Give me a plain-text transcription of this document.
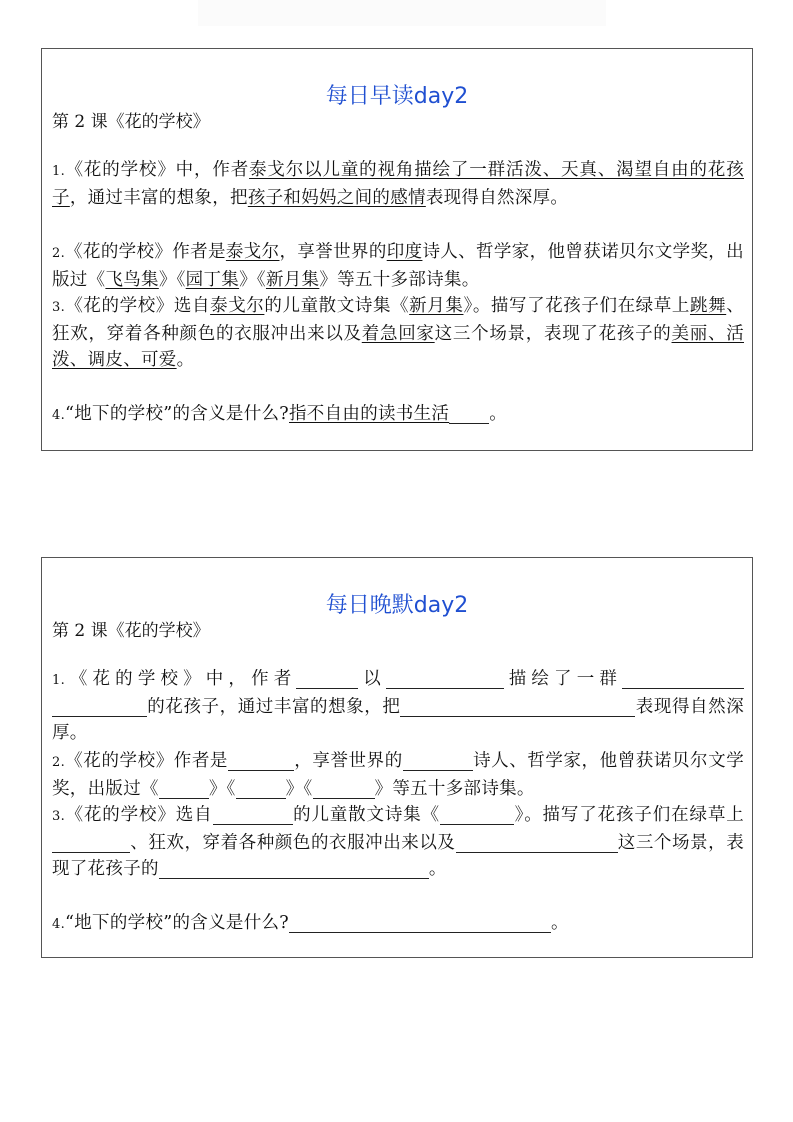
每日早读day2
第 2 课《花的学校》
1.《花的学校》中，作者泰戈尔以儿童的视角描绘了一群活泼、天真、渴望自由的花孩子，通过丰富的想象，把孩子和妈妈之间的感情表现得自然深厚。
2.《花的学校》作者是泰戈尔，享誉世界的印度诗人、哲学家，他曾获诺贝尔文学奖，出版过《飞鸟集》《园丁集》《新月集》等五十多部诗集。
3.《花的学校》选自泰戈尔的儿童散文诗集《新月集》。描写了花孩子们在绿草上跳舞、狂欢，穿着各种颜色的衣服冲出来以及着急回家这三个场景，表现了花孩子的美丽、活泼、调皮、可爱。
4.“地下的学校”的含义是什么?指不自由的读书生活 。
每日晚默day2
第 2 课《花的学校》
1.《花的学校》中，作者	以	描绘了一群的花孩子，通过丰富的想象，把	表现得自然深厚。
2.《花的学校》作者是	，享誉世界的	诗人、哲学家，他曾获诺贝尔文学奖，出版过《	》《	》《	》等五十多部诗集。
3.《花的学校》选自	的儿童散文诗集《	》。描写了花孩子们在绿草上、狂欢，穿着各种颜色的衣服冲出来以及	这三个场景，表现了花孩子的	。
4.“地下的学校”的含义是什么?	。
